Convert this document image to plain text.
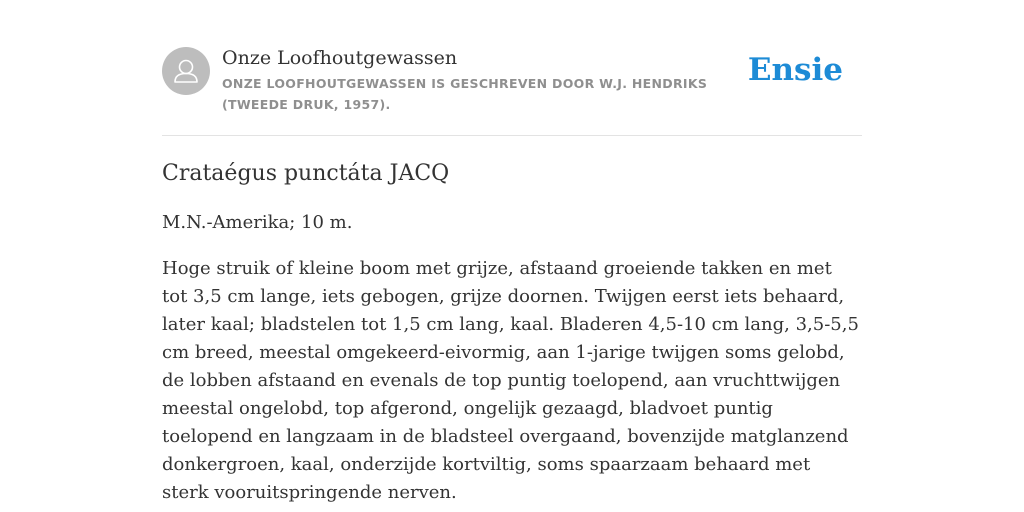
Onze Loofhoutgewassen
ONZE LOOFHOUTGEWASSEN IS GESCHREVEN DOOR W.J. HENDRIKS (TWEEDE DRUK, 1957).
Ensie
Crataégus punctáta JACQ

M.N.-Amerika; 10 m.

Hoge struik of kleine boom met grijze, afstaand groeiende takken en met tot 3,5 cm lange, iets gebogen, grijze doornen. Twijgen eerst iets behaard, later kaal; bladstelen tot 1,5 cm lang, kaal. Bladeren 4,5-10 cm lang, 3,5-5,5 cm breed, meestal omgekeerd-eivormig, aan 1-jarige twijgen soms gelobd, de lobben afstaand en evenals de top puntig toelopend, aan vruchttwijgen meestal ongelobd, top afgerond, ongelijk gezaagd, bladvoet puntig toelopend en langzaam in de bladsteel overgaand, bovenzijde matglanzend donkergroen, kaal, onderzijde kortviltig, soms spaarzaam behaard met sterk vooruitspringende nerven.
